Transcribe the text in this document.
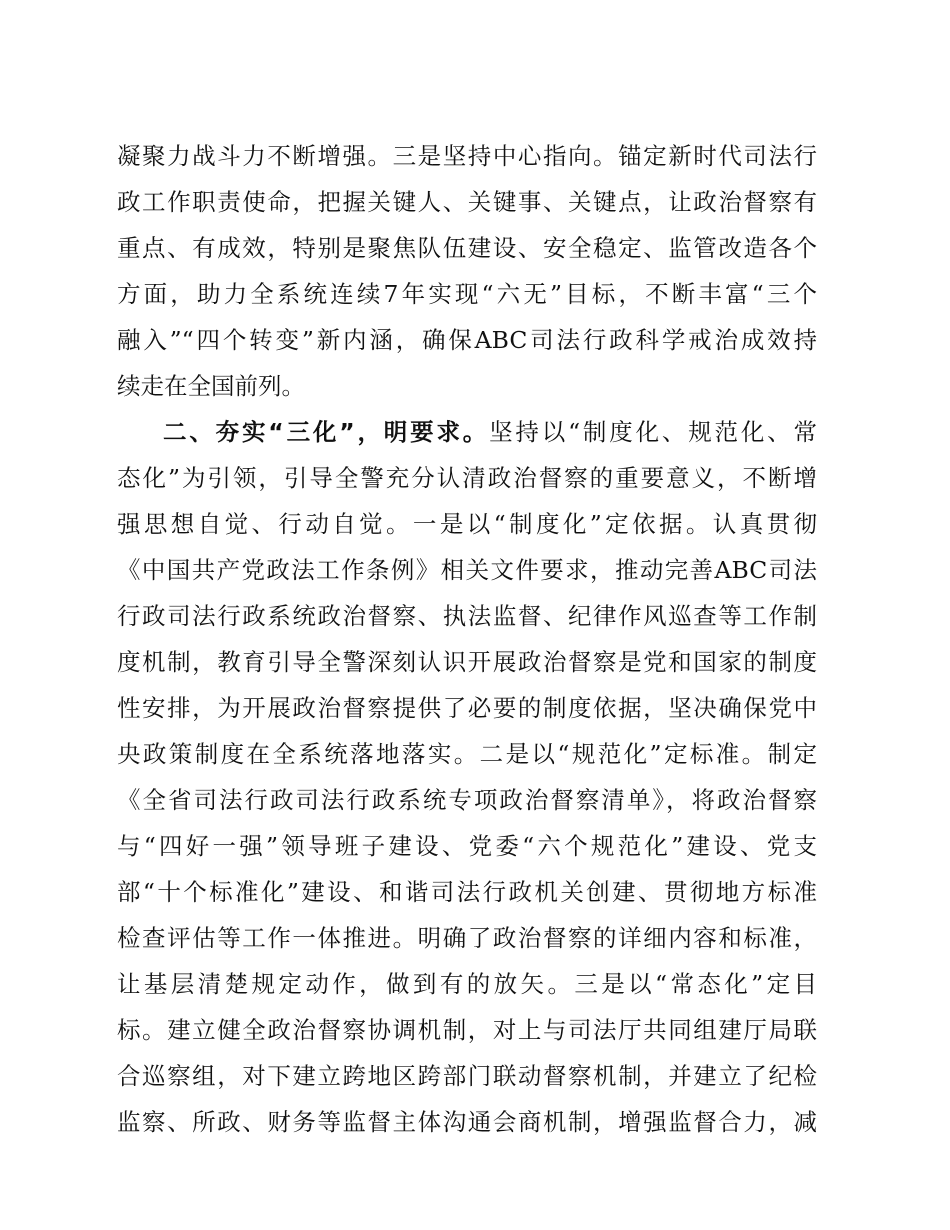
凝聚力战斗力不断增强。三是坚持中心指向。锚定新时代司法行
政工作职责使命，把握关键人、关键事、关键点，让政治督察有
重点、有成效，特别是聚焦队伍建设、安全稳定、监管改造各个
方面，助力全系统连续7年实现“六无”目标，不断丰富“三个
融入”“四个转变”新内涵，确保ABC司法行政科学戒治成效持
续走在全国前列。
二、夯实“三化”，明要求。坚持以“制度化、规范化、常
态化”为引领，引导全警充分认清政治督察的重要意义，不断增
强思想自觉、行动自觉。一是以“制度化”定依据。认真贯彻
《中国共产党政法工作条例》相关文件要求，推动完善ABC司法
行政司法行政系统政治督察、执法监督、纪律作风巡查等工作制
度机制，教育引导全警深刻认识开展政治督察是党和国家的制度
性安排，为开展政治督察提供了必要的制度依据，坚决确保党中
央政策制度在全系统落地落实。二是以“规范化”定标准。制定
《全省司法行政司法行政系统专项政治督察清单》，将政治督察
与“四好一强”领导班子建设、党委“六个规范化”建设、党支
部“十个标准化”建设、和谐司法行政机关创建、贯彻地方标准
检查评估等工作一体推进。明确了政治督察的详细内容和标准，
让基层清楚规定动作，做到有的放矢。三是以“常态化”定目
标。建立健全政治督察协调机制，对上与司法厅共同组建厅局联
合巡察组，对下建立跨地区跨部门联动督察机制，并建立了纪检
监察、所政、财务等监督主体沟通会商机制，增强监督合力，减
